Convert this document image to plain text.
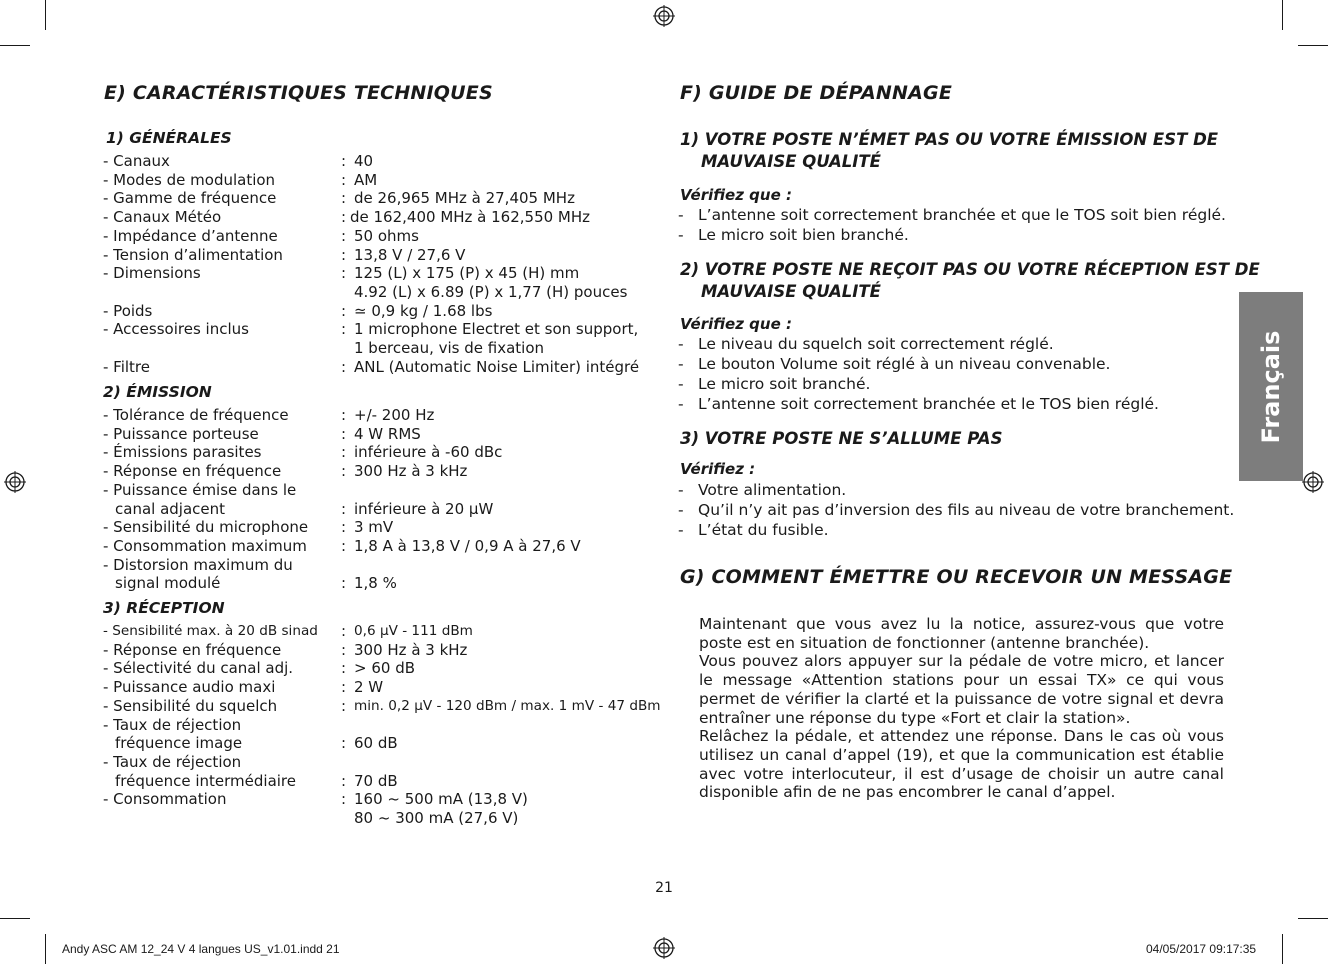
E) CARACTÉRISTIQUES TECHNIQUES
1) GÉNÉRALES
- Canaux	: 40
- Modes de modulation	: AM
- Gamme de fréquence	: de 26,965 MHz à 27,405 MHz
- Canaux Météo	: de 162,400 MHz à 162,550 MHz
- Impédance d’antenne	: 50 ohms
- Tension d’alimentation	: 13,8 V / 27,6 V
- Dimensions	: 125 (L) x 175 (P) x 45 (H) mm
4.92 (L) x 6.89 (P) x 1,77 (H) pouces
- Poids	: ≃ 0,9 kg / 1.68 lbs
- Accessoires inclus	: 1 microphone Electret et son support,
1 berceau, vis de fixation
- Filtre	: ANL (Automatic Noise Limiter) intégré
2) ÉMISSION
- Tolérance de fréquence	: +/- 200 Hz
- Puissance porteuse	: 4 W RMS
- Émissions parasites	: inférieure à -60 dBc
- Réponse en fréquence	: 300 Hz à 3 kHz
- Puissance émise dans le
canal adjacent	: inférieure à 20 µW
- Sensibilité du microphone : 3 mV
- Consommation maximum : 1,8 A à 13,8 V / 0,9 A à 27,6 V
- Distorsion maximum du
signal modulé	: 1,8 %
3) RÉCEPTION
- Sensibilité max. à 20 dB sinad : 0,6 µV - 111 dBm
- Réponse en fréquence	: 300 Hz à 3 kHz
- Sélectivité du canal adj.	: > 60 dB
- Puissance audio maxi	: 2 W
- Sensibilité du squelch	: min. 0,2 µV - 120 dBm / max. 1 mV - 47 dBm
- Taux de réjection
fréquence image	: 60 dB
- Taux de réjection
fréquence intermédiaire	: 70 dB
- Consommation	: 160 ~ 500 mA (13,8 V)
80 ~ 300 mA (27,6 V)
F) GUIDE DE DÉPANNAGE
1) VOTRE POSTE N’ÉMET PAS OU VOTRE ÉMISSION EST DE
MAUVAISE QUALITÉ
Vérifiez que :
- L’antenne soit correctement branchée et que le TOS soit bien réglé.
- Le micro soit bien branché.
2) VOTRE POSTE NE REÇOIT PAS OU VOTRE RÉCEPTION EST DE
MAUVAISE QUALITÉ
Vérifiez que :
- Le niveau du squelch soit correctement réglé.
- Le bouton Volume soit réglé à un niveau convenable.
- Le micro soit branché.
- L’antenne soit correctement branchée et le TOS bien réglé.
3) VOTRE POSTE NE S’ALLUME PAS
Vérifiez :
- Votre alimentation.
- Qu’il n’y ait pas d’inversion des fils au niveau de votre branchement.
- L’état du fusible.
G) COMMENT ÉMETTRE OU RECEVOIR UN MESSAGE

Maintenant que vous avez lu la notice, assurez-vous que votre poste est en situation de fonctionner (antenne branchée).

Vous pouvez alors appuyer sur la pédale de votre micro, et lancer le message «Attention stations pour un essai TX» ce qui vous permet de vérifier la clarté et la puissance de votre signal et devra entraîner une réponse du type «Fort et clair la station».

Relâchez la pédale, et attendez une réponse. Dans le cas où vous utilisez un canal d’appel (19), et que la communication est établie avec votre interlocuteur, il est d’usage de choisir un autre canal disponible afin de ne pas encombrer le canal d’appel.

Français
21
Andy ASC AM 12_24 V 4 langues US_v1.01.indd 21	04/05/2017 09:17:35
